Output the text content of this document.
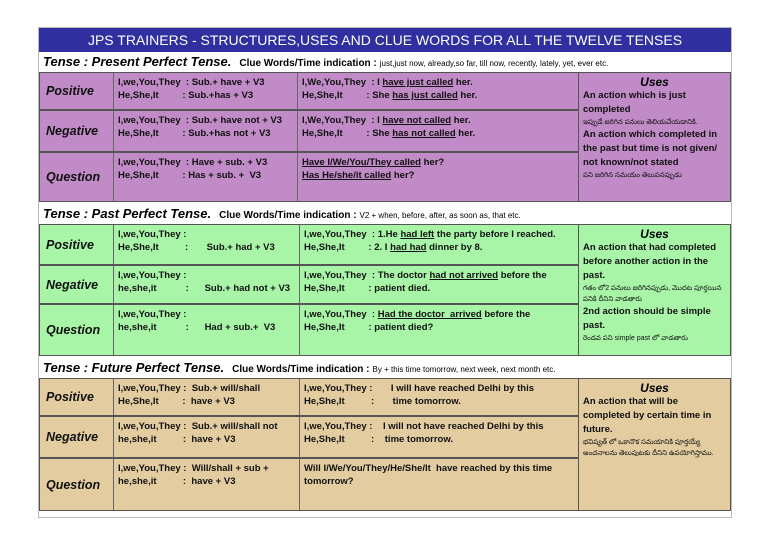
JPS TRAINERS - STRUCTURES,USES AND CLUE WORDS FOR ALL THE TWELVE TENSES
Tense : Present Perfect Tense. Clue Words/Time indication : just,just now, already,so far, till now, recently, lately, yet, ever etc.
Positive
I,we,You,They  : Sub.+ have + V3
He,She,It         : Sub.+has + V3
I,We,You,They  : I have just called her.
He,She,It         : She has just called her.
Negative
I,we,You,They  : Sub.+ have not + V3
He,She,It         : Sub.+has not + V3
I,We,You,They  : I have not called her.
He,She,It         : She has not called her.
Question
I,we,You,They  : Have + sub. + V3
He,She,It         : Has + sub. +  V3
Have I/We/You/They called her?
Has He/she/it called her?
Uses
An action which is just completed
ఇప్పుడే జరిగిన పనులు తెలియచేయడానికి.
An action which completed in the past but time is not given/ not known/not stated
పని జరిగిన సమయం తెలుపనప్పుడు
Tense : Past Perfect Tense. Clue Words/Time indication : V2 + when, before, after, as soon as, that etc.
Positive
I,we,You,They :
He,She,It          :       Sub.+ had + V3
I,we,You,They  : 1.He had left the party before I reached.
He,She,It         : 2. I had had dinner by 8.
Negative
I,we,You,They :
he,she,it           :      Sub.+ had not + V3
I,we,You,They  : The doctor had not arrived before the
He,She,It         : patient died.
Question
I,we,You,They :
he,she,it           :      Had + sub.+  V3
I,we,You,They  : Had the doctor  arrived before the
He,She,It         : patient died?
Uses
An action that had completed before another action in the past.
గతం లో2 పనులు జరిగినప్పుడు, మొదట పూర్తయిన పనికి దీనిని వాడతారు
2nd action should be simple past.
రెండవ పని simple past లో వాడతారు
Tense : Future Perfect Tense. Clue Words/Time indication : By + this time tomorrow, next week, next month etc.
Positive
I,we,You,They :  Sub.+ will/shall
He,She,It         :  have + V3
I,we,You,They :       I will have reached Delhi by this
He,She,It          :       time tomorrow.
Negative
I,we,You,They :  Sub.+ will/shall not
he,she,it          :  have + V3
I,we,You,They :    I will not have reached Delhi by this
He,She,It          :    time tomorrow.
Question
I,we,You,They :  Will/shall + sub +
he,she,it          :  have + V3
Will I/We/You/They/He/She/It  have reached by this time
tomorrow?
Uses
An action that will be completed by certain time in future.
భవిష్యత్ లో ఒకానొక సమయానికి పూర్తయ్యే అంచనాలను తెలుపుటకు దీనిని ఉపయోగిస్తాము.
